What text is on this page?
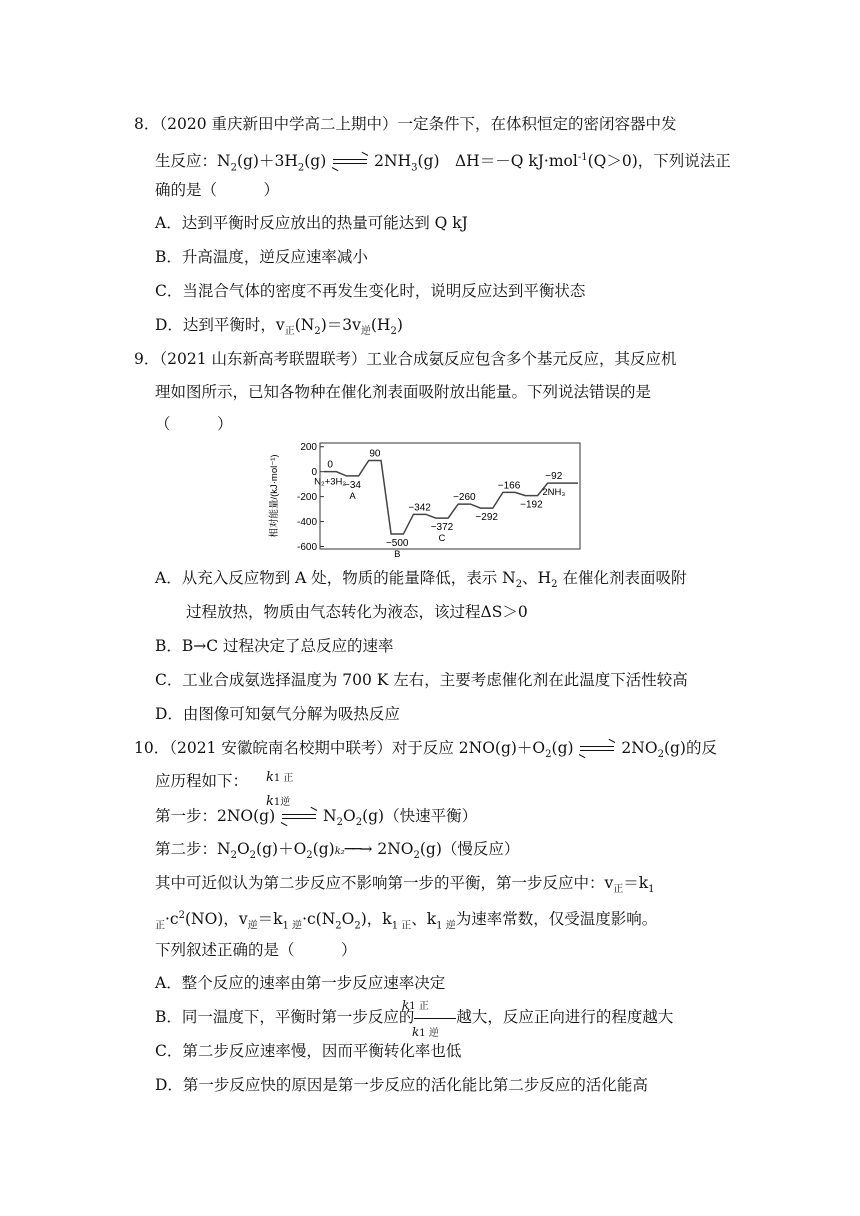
8．（2020 重庆新田中学高二上期中）一定条件下，在体积恒定的密闭容器中发
生反应：$N_2(g)+3H_2(g)$	$2NH_3(g)$　ΔH＝－Q kJ·mol$^{-1}$(Q＞0)，下列说法正
确的是（　　　）
A．达到平衡时反应放出的热量可能达到 Q kJ
B．升高温度，逆反应速率减小
C．当混合气体的密度不再发生变化时，说明反应达到平衡状态
D．达到平衡时，$v_正(N_2)=3v_逆(H_2)$
9．（2021 山东新高考联盟联考）工业合成氨反应包含多个基元反应，其反应机
理如图所示，已知各物种在催化剂表面吸附放出能量。下列说法错误的是
（　　　）
200
0
-200
-400
-600
0
N₂+3H₂
−34
A
90
−500
B
−342
−372
C
−260
−292
−166
−192
−92
2NH₃
相对能量/(kJ·mol⁻¹)
A．从充入反应物到 A 处，物质的能量降低，表示 $N_2$、$H_2$ 在催化剂表面吸附
过程放热，物质由气态转化为液态，该过程ΔS＞0
B．B→C 过程决定了总反应的速率
C．工业合成氨选择温度为 700 K 左右，主要考虑催化剂在此温度下活性较高
D．由图像可知氨气分解为吸热反应
10．（2021 安徽皖南名校期中联考）对于反应 $2NO(g)+O_2(g)$	$2NO_2(g)$的反
应历程如下： k1 正
k1逆
第一步：2NO(g)	$N_2O_2(g)$（快速平衡）
第二步：$N_2O_2(g)+O_2(g)k_2──\to 2NO_2(g)$（慢反应）
其中可近似认为第二步反应不影响第一步的平衡，第一步反应中：$v_正=k_1$
$_正\cdot c^2(NO)$，$v_逆=k_{1 逆}\cdot c(N_2O_2)$，$k_{1 正}$、$k_{1 逆}$为速率常数，仅受温度影响。
下列叙述正确的是（　　　）
A．整个反应的速率由第一步反应速率决定
B．同一温度下，平衡时第一步反应的	越大，反应正向进行的程度越大
k1 正
k1 逆
C．第二步反应速率慢，因而平衡转化率也低
D．第一步反应快的原因是第一步反应的活化能比第二步反应的活化能高
